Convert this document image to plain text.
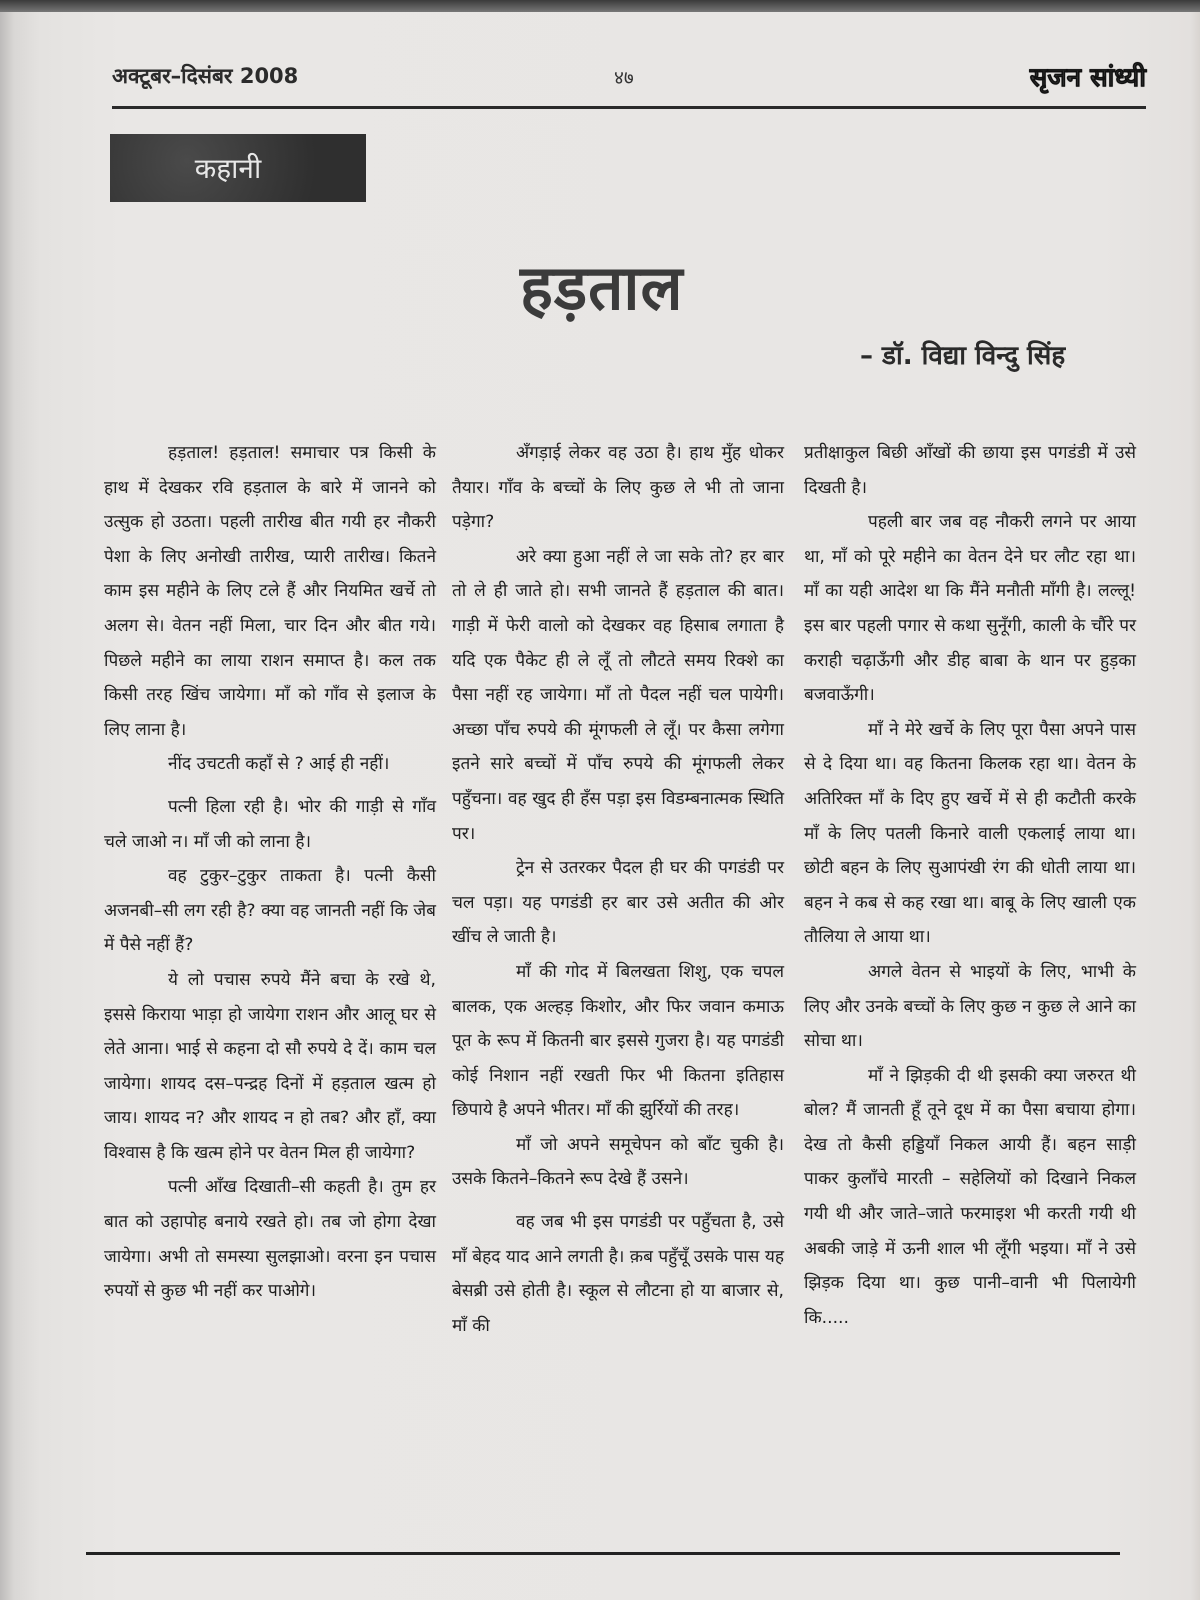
अक्टूबर–दिसंबर 2008	४७	सृजन सांध्यी
कहानी
हड़ताल
– डॉ. विद्या विन्दु सिंह

हड़ताल! हड़ताल! समाचार पत्र किसी के हाथ में देखकर रवि हड़ताल के बारे में जानने को उत्सुक हो उठता। पहली तारीख बीत गयी हर नौकरी पेशा के लिए अनोखी तारीख, प्यारी तारीख। कितने काम इस महीने के लिए टले हैं और नियमित खर्चे तो अलग से। वेतन नहीं मिला, चार दिन और बीत गये। पिछले महीने का लाया राशन समाप्त है। कल तक किसी तरह खिंच जायेगा। माँ को गाँव से इलाज के लिए लाना है।

नींद उचटती कहाँ से ? आई ही नहीं।

पत्नी हिला रही है। भोर की गाड़ी से गाँव चले जाओ न। माँ जी को लाना है।

वह टुकुर–टुकुर ताकता है। पत्नी कैसी अजनबी–सी लग रही है? क्या वह जानती नहीं कि जेब में पैसे नहीं हैं?

ये लो पचास रुपये मैंने बचा के रखे थे, इससे किराया भाड़ा हो जायेगा राशन और आलू घर से लेते आना। भाई से कहना दो सौ रुपये दे दें। काम चल जायेगा। शायद दस–पन्द्रह दिनों में हड़ताल खत्म हो जाय। शायद न? और शायद न हो तब? और हाँ, क्या विश्वास है कि खत्म होने पर वेतन मिल ही जायेगा?

पत्नी आँख दिखाती–सी कहती है। तुम हर बात को उहापोह बनाये रखते हो। तब जो होगा देखा जायेगा। अभी तो समस्या सुलझाओ। वरना इन पचास रुपयों से कुछ भी नहीं कर पाओगे।

अँगड़ाई लेकर वह उठा है। हाथ मुँह धोकर तैयार। गाँव के बच्चों के लिए कुछ ले भी तो जाना पड़ेगा?

अरे क्या हुआ नहीं ले जा सके तो? हर बार तो ले ही जाते हो। सभी जानते हैं हड़ताल की बात। गाड़ी में फेरी वालो को देखकर वह हिसाब लगाता है यदि एक पैकेट ही ले लूँ तो लौटते समय रिक्शे का पैसा नहीं रह जायेगा। माँ तो पैदल नहीं चल पायेगी। अच्छा पाँच रुपये की मूंगफली ले लूँ। पर कैसा लगेगा इतने सारे बच्चों में पाँच रुपये की मूंगफली लेकर पहुँचना। वह खुद ही हँस पड़ा इस विडम्बनात्मक स्थिति पर।

ट्रेन से उतरकर पैदल ही घर की पगडंडी पर चल पड़ा। यह पगडंडी हर बार उसे अतीत की ओर खींच ले जाती है।

माँ की गोद में बिलखता शिशु, एक चपल बालक, एक अल्हड़ किशोर, और फिर जवान कमाऊ पूत के रूप में कितनी बार इससे गुजरा है। यह पगडंडी कोई निशान नहीं रखती फिर भी कितना इतिहास छिपाये है अपने भीतर। माँ की झुर्रियों की तरह।

माँ जो अपने समूचेपन को बाँट चुकी है। उसके कितने–कितने रूप देखे हैं उसने।

वह जब भी इस पगडंडी पर पहुँचता है, उसे माँ बेहद याद आने लगती है। क़ब पहुँचूँ उसके पास यह बेसब्री उसे होती है। स्कूल से लौटना हो या बाजार से, माँ की

प्रतीक्षाकुल बिछी आँखों की छाया इस पगडंडी में उसे दिखती है।

पहली बार जब वह नौकरी लगने पर आया था, माँ को पूरे महीने का वेतन देने घर लौट रहा था। माँ का यही आदेश था कि मैंने मनौती माँगी है। लल्लू! इस बार पहली पगार से कथा सुनूँगी, काली के चौंरे पर कराही चढ़ाऊँगी और डीह बाबा के थान पर हुड़का बजवाऊँगी।

माँ ने मेरे खर्चे के लिए पूरा पैसा अपने पास से दे दिया था। वह कितना किलक रहा था। वेतन के अतिरिक्त माँ के दिए हुए खर्चे में से ही कटौती करके माँ के लिए पतली किनारे वाली एकलाई लाया था। छोटी बहन के लिए सुआपंखी रंग की धोती लाया था। बहन ने कब से कह रखा था। बाबू के लिए खाली एक तौलिया ले आया था।

अगले वेतन से भाइयों के लिए, भाभी के लिए और उनके बच्चों के लिए कुछ न कुछ ले आने का सोचा था।

माँ ने झिड़की दी थी इसकी क्या जरुरत थी बोल? मैं जानती हूँ तूने दूध में का पैसा बचाया होगा। देख तो कैसी हड्डियाँ निकल आयी हैं। बहन साड़ी पाकर कुलाँचे मारती – सहेलियों को दिखाने निकल गयी थी और जाते–जाते फरमाइश भी करती गयी थी अबकी जाड़े में ऊनी शाल भी लूँगी भइया। माँ ने उसे झिड़क दिया था। कुछ पानी–वानी भी पिलायेगी कि.....
